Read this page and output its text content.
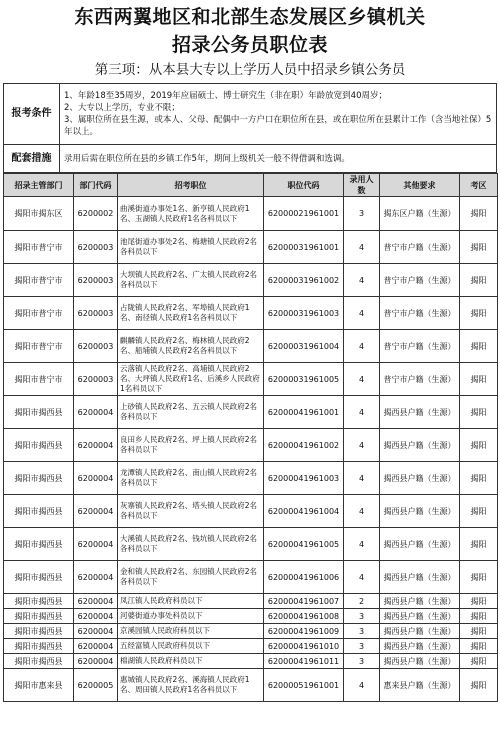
东西两翼地区和北部生态发展区乡镇机关
招录公务员职位表
第三项：从本县大专以上学历人员中招录乡镇公务员
报考条件	1、年龄18至35周岁，2019年应届硕士、博士研究生（非在职）年龄放宽到40周岁；
2、大专以上学历，专业不限；
3、属职位所在县生源，或本人、父母、配偶中一方户口在职位所在县，或在职位所在县累计工作（含当地社保）5年以上。

配套措施	录用后需在职位所在县的乡镇工作5年，期间上级机关一般不得借调和选调。
招录主管部门	部门代码	招考职位	职位代码	录用人数	其他要求	考区
揭阳市揭东区	6200002	曲溪街道办事处1名、新亨镇人民政府1名、玉湖镇人民政府1名各科员以下	62000021961001	3	揭东区户籍（生源）	揭阳
揭阳市普宁市	6200003	池尾街道办事处2名、梅塘镇人民政府2名各科员以下	62000031961001	4	普宁市户籍（生源）	揭阳
揭阳市普宁市	6200003	大坝镇人民政府2名、广太镇人民政府2名各科员以下	62000031961002	4	普宁市户籍（生源）	揭阳
揭阳市普宁市	6200003	占陇镇人民政府2名、军埠镇人民政府1名、南径镇人民政府1名各科员以下	62000031961003	4	普宁市户籍（生源）	揭阳
揭阳市普宁市	6200003	麒麟镇人民政府2名、梅林镇人民政府2名、船埔镇人民政府2名各科员以下	62000031961004	4	普宁市户籍（生源）	揭阳
揭阳市普宁市	6200003	云落镇人民政府2名、高埔镇人民政府2名、大坪镇人民政府1名、后溪乡人民政府1名科员以下	62000031961005	4	普宁市户籍（生源）	揭阳
揭阳市揭西县	6200004	上砂镇人民政府2名、五云镇人民政府2名各科员以下	62000041961001	4	揭西县户籍（生源）	揭阳
揭阳市揭西县	6200004	良田乡人民政府2名、坪上镇人民政府2名各科员以下	62000041961002	4	揭西县户籍（生源）	揭阳
揭阳市揭西县	6200004	龙潭镇人民政府2名、南山镇人民政府2名各科员以下	62000041961003	4	揭西县户籍（生源）	揭阳
揭阳市揭西县	6200004	灰寨镇人民政府2名、塔头镇人民政府2名各科员以下	62000041961004	4	揭西县户籍（生源）	揭阳
揭阳市揭西县	6200004	大溪镇人民政府2名、钱坑镇人民政府2名各科员以下	62000041961005	4	揭西县户籍（生源）	揭阳
揭阳市揭西县	6200004	金和镇人民政府2名、东园镇人民政府2名各科员以下	62000041961006	4	揭西县户籍（生源）	揭阳
揭阳市揭西县	6200004	凤江镇人民政府科员以下	62000041961007	2	揭西县户籍（生源）	揭阳
揭阳市揭西县	6200004	河婆街道办事处科员以下	62000041961008	3	揭西县户籍（生源）	揭阳
揭阳市揭西县	6200004	京溪园镇人民政府科员以下	62000041961009	3	揭西县户籍（生源）	揭阳
揭阳市揭西县	6200004	五经富镇人民政府科员以下	62000041961010	3	揭西县户籍（生源）	揭阳
揭阳市揭西县	6200004	棉湖镇人民政府科员以下	62000041961011	3	揭西县户籍（生源）	揭阳
揭阳市惠来县	6200005	惠城镇人民政府2名、溪海镇人民政府1名、周田镇人民政府1名各科员以下	62000051961001	4	惠来县户籍（生源）	揭阳
